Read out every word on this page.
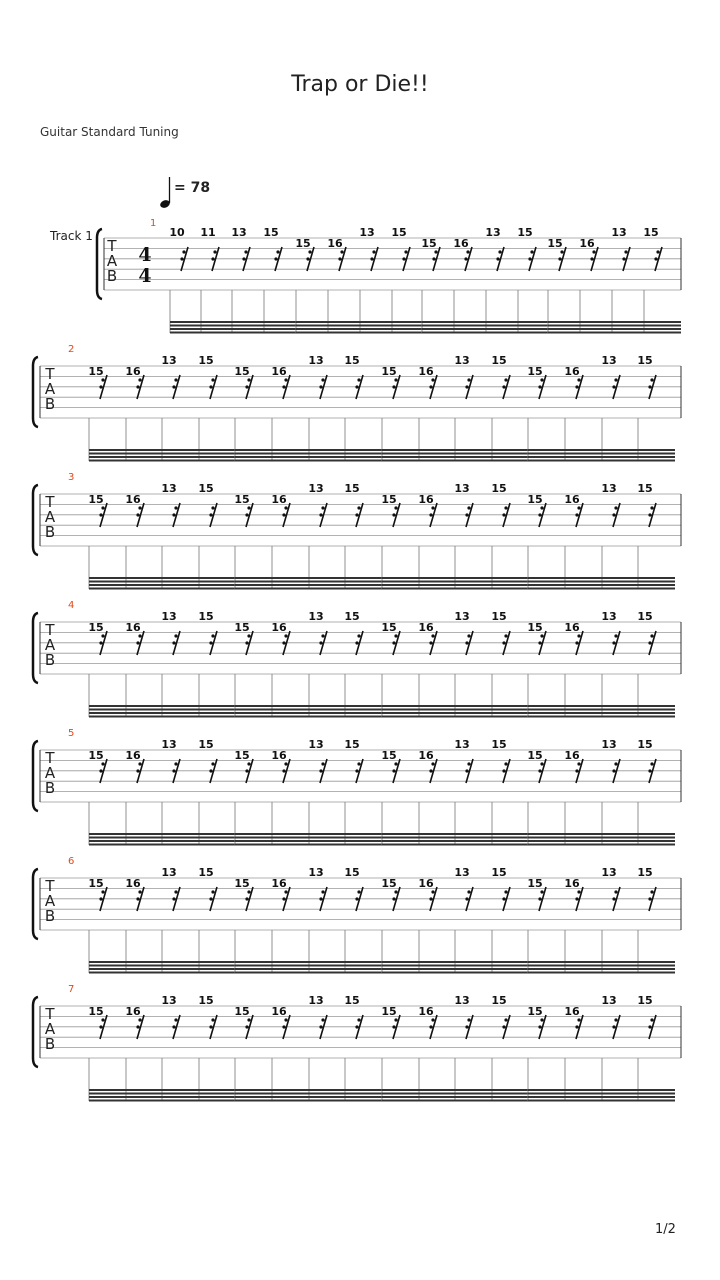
Trap or Die!!
Guitar Standard Tuning
= 78
Track 1
T
A
B
4
4
1
10 11 13 15
15 16
13 15
15 16
13 15
15 16
13 15
T
A
B
2
15 16
13 15
15 16
13 15
15 16
13 15
15 16
13 15
T
A
B
3
15 16
13 15
15 16
13 15
15 16
13 15
15 16
13 15
T
A
B
4
15 16
13 15
15 16
13 15
15 16
13 15
15 16
13 15
T
A
B
5
15 16
13 15
15 16
13 15
15 16
13 15
15 16
13 15
T
A
B
6
15 16
13 15
15 16
13 15
15 16
13 15
15 16
13 15
T
A
B
7
15 16
13 15
15 16
13 15
15 16
13 15
15 16
13 15
1/2
